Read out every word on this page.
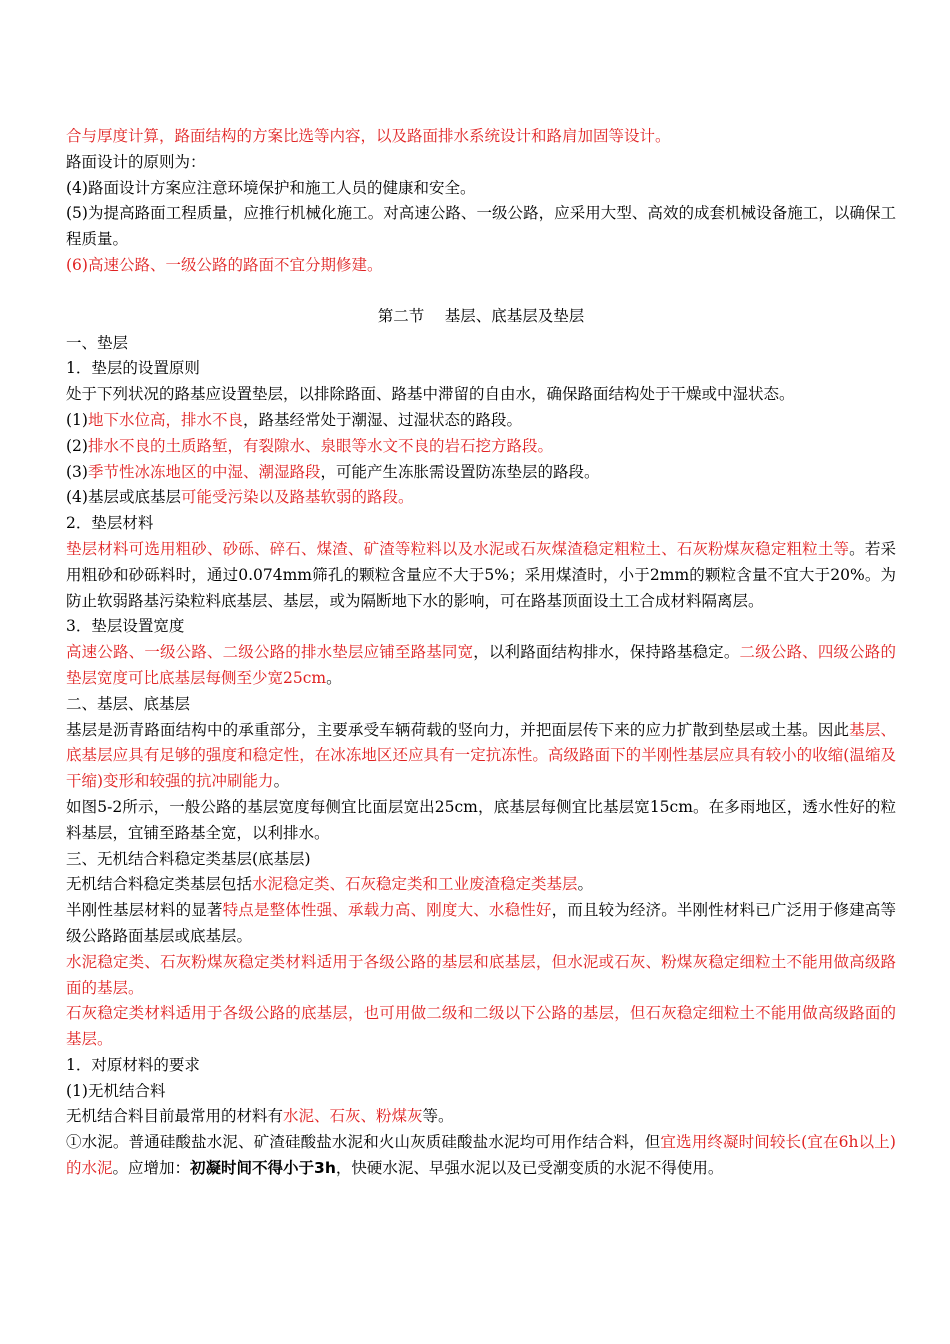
合与厚度计算，路面结构的方案比选等内容，以及路面排水系统设计和路肩加固等设计。
路面设计的原则为：
(4)路面设计方案应注意环境保护和施工人员的健康和安全。
(5)为提高路面工程质量，应推行机械化施工。对高速公路、一级公路，应采用大型、高效的成套机械设备施工，以确保工程质量。
(6)高速公路、一级公路的路面不宜分期修建。
第二节　 基层、底基层及垫层
一、垫层
1．垫层的设置原则
处于下列状况的路基应设置垫层，以排除路面、路基中滞留的自由水，确保路面结构处于干燥或中湿状态。
(1)地下水位高，排水不良，路基经常处于潮湿、过湿状态的路段。
(2)排水不良的土质路堑，有裂隙水、泉眼等水文不良的岩石挖方路段。
(3)季节性冰冻地区的中湿、潮湿路段，可能产生冻胀需设置防冻垫层的路段。
(4)基层或底基层可能受污染以及路基软弱的路段。
2．垫层材料
垫层材料可选用粗砂、砂砾、碎石、煤渣、矿渣等粒料以及水泥或石灰煤渣稳定粗粒土、石灰粉煤灰稳定粗粒土等。若采用粗砂和砂砾料时，通过0.074mm筛孔的颗粒含量应不大于5%；采用煤渣时，小于2mm的颗粒含量不宜大于20%。为防止软弱路基污染粒料底基层、基层，或为隔断地下水的影响，可在路基顶面设土工合成材料隔离层。
3．垫层设置宽度
高速公路、一级公路、二级公路的排水垫层应铺至路基同宽，以利路面结构排水，保持路基稳定。二级公路、四级公路的垫层宽度可比底基层每侧至少宽25cm。
二、基层、底基层
基层是沥青路面结构中的承重部分，主要承受车辆荷载的竖向力，并把面层传下来的应力扩散到垫层或土基。因此基层、底基层应具有足够的强度和稳定性，在冰冻地区还应具有一定抗冻性。高级路面下的半刚性基层应具有较小的收缩(温缩及干缩)变形和较强的抗冲刷能力。
如图5-2所示，一般公路的基层宽度每侧宜比面层宽出25cm，底基层每侧宜比基层宽15cm。在多雨地区，透水性好的粒料基层，宜铺至路基全宽，以利排水。
三、无机结合料稳定类基层(底基层)
无机结合料稳定类基层包括水泥稳定类、石灰稳定类和工业废渣稳定类基层。
半刚性基层材料的显著特点是整体性强、承载力高、刚度大、水稳性好，而且较为经济。半刚性材料已广泛用于修建高等级公路路面基层或底基层。
水泥稳定类、石灰粉煤灰稳定类材料适用于各级公路的基层和底基层，但水泥或石灰、粉煤灰稳定细粒土不能用做高级路面的基层。
石灰稳定类材料适用于各级公路的底基层，也可用做二级和二级以下公路的基层，但石灰稳定细粒土不能用做高级路面的基层。
1．对原材料的要求
(1)无机结合料
无机结合料目前最常用的材料有水泥、石灰、粉煤灰等。
①水泥。普通硅酸盐水泥、矿渣硅酸盐水泥和火山灰质硅酸盐水泥均可用作结合料，但宜选用终凝时间较长(宜在6h以上)的水泥。应增加：初凝时间不得小于3h，快硬水泥、早强水泥以及已受潮变质的水泥不得使用。
